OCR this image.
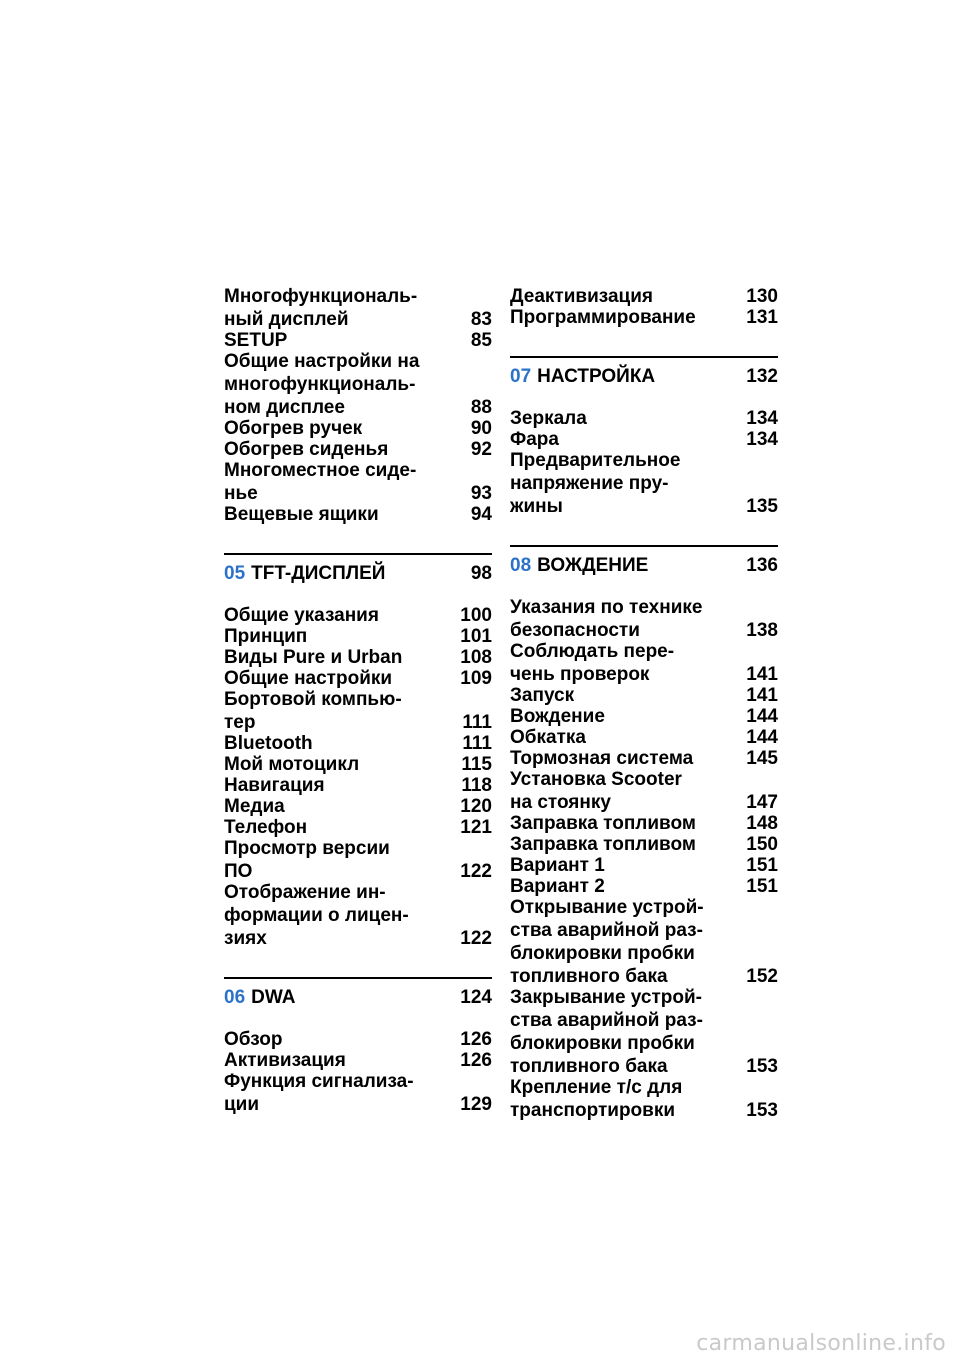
Многофункциональ-
ный дисплей	83
SETUP	85
Общие настройки на
многофункциональ-
ном дисплее	88
Обогрев ручек	90
Обогрев сиденья	92
Многоместное сиде-
нье	93
Вещевые ящики	94
05 TFT-ДИСПЛЕЙ	98
Общие указания	100
Принцип	101
Виды Pure и Urban	108
Общие настройки	109
Бортовой компью-
тер	111
Bluetooth	111
Мой мотоцикл	115
Навигация	118
Медиа	120
Телефон	121
Просмотр версии
ПО	122
Отображение ин-
формации о лицен-
зиях	122
06 DWA	124
Обзор	126
Активизация	126
Функция сигнализа-
ции	129
Деактивизация	130
Программирование	131
07 НАСТРОЙКА	132
Зеркала	134
Фара	134
Предварительное
напряжение пру-
жины	135
08 ВОЖДЕНИЕ	136
Указания по технике
безопасности	138
Соблюдать пере-
чень проверок	141
Запуск	141
Вождение	144
Обкатка	144
Тормозная система	145
Установка Scooter
на стоянку	147
Заправка топливом	148
Заправка топливом	150
Вариант 1	151
Вариант 2	151
Открывание устрой-
ства аварийной раз-
блокировки пробки
топливного бака	152
Закрывание устрой-
ства аварийной раз-
блокировки пробки
топливного бака	153
Крепление т/с для
транспортировки	153
carmanualsonline.info
